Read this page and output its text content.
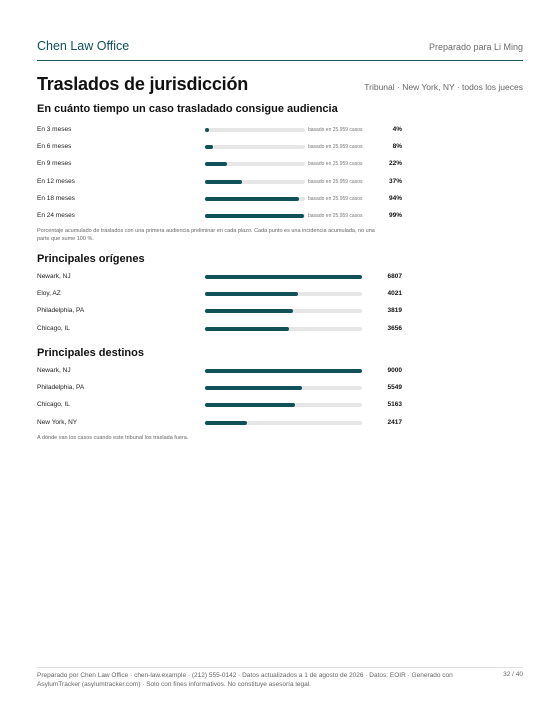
Chen Law Office	Preparado para Li Ming
Traslados de jurisdicción	Tribunal · New York, NY · todos los jueces
En cuánto tiempo un caso trasladado consigue audiencia
En 3 meses	basado en 25.959 casos	4%
En 6 meses	basado en 25.959 casos	8%
En 9 meses	basado en 25.959 casos	22%
En 12 meses	basado en 25.959 casos	37%
En 18 meses	basado en 25.959 casos	94%
En 24 meses	basado en 25.959 casos	99%
Porcentaje acumulado de traslados con una primera audiencia preliminar en cada plazo. Cada punto es una incidencia acumulada, no una parte que sume 100 %.
Principales orígenes
Newark, NJ	6807
Eloy, AZ	4021
Philadelphia, PA	3819
Chicago, IL	3656
Principales destinos
Newark, NJ	9000
Philadelphia, PA	5549
Chicago, IL	5163
New York, NY	2417
A dónde van los casos cuando este tribunal los traslada fuera.
Preparado por Chen Law Office · chen-law.example · (212) 555-0142 · Datos actualizados a 1 de agosto de 2026 · Datos: EOIR · Generado con AsylumTracker (asylumtracker.com) · Solo con fines informativos. No constituye asesoría legal.
32 / 40
